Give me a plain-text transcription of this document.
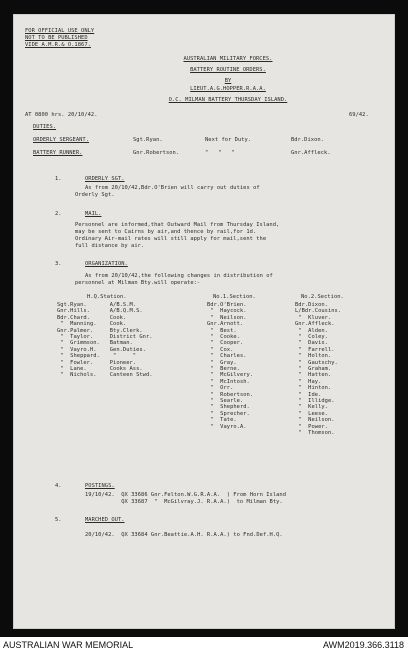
FOR OFFICIAL USE ONLY
NOT TO BE PUBLISHED
VIDE A.M.R.& O.1867.
AUSTRALIAN MILITARY FORCES.
BATTERY ROUTINE ORDERS.
BY
LIEUT.A.G.HOPPER.R.A.A.
O.C. MILMAN BATTERY THURSDAY ISLAND.
AT 0800 hrs. 20/10/42.	69/42.
DUTIES.
ORDERLY SERGEANT.	Sgt.Ryan.	Next for Duty.	Bdr.Dixon.
BATTERY RUNNER.	Gnr.Robertson.	"   "   "	Gnr.Affleck.
1.	ORDERLY SGT.
As from 20/10/42,Bdr.O'Brien will carry out duties of
Orderly Sgt.
2.	MAIL.
Personnel are informed,that Outward Mail from Thursday Island,
may be sent to Cairns by air,and thence by rail,for 1d.
Ordinary Air-mail rates will still apply for mail,sent the
full distance by air.
3.	ORGANIZATION.
As from 20/10/42,the following changes in distribution of
personnel at Milman Bty.will operate:-
H.Q.Station.
Sgt.Ryan.       A/B.S.M.
Gnr.Hills.      A/B.Q.M.S.
Bdr.Chard.      Cook.
"  Manning.    Cook.
Gnr.Palmer.     Bty.Clerk.
"  Taylor.     District Gnr.
"  Grimmson.   Batman.
"  Vayro.H.    Gen.Duties.
"  Sheppard.    "     "
"  Fowler.     Pioneer.
"  Lane.       Cooks Ass.
"  Nichols.    Canteen Stwd.
No.1.Section.
Bdr.O'Brien.
"  Haycock.
"  Neilson.
Gnr.Arnott.
"  Best.
"  Cooke.
"  Cooper.
"  Cox.
"  Charles.
"  Gray.
"  Berne.
"  McGilvery.
"  McIntosh.
"  Orr.
"  Robertson.
"  Searle.
"  Shepherd.
"  Sprecher.
"  Tate.
"  Vayro.A.
No.2.Section.
Bdr.Dixon.
L/Bdr.Cousins.
"  Kluver.
Gnr.Affleck.
"  Alden.
"  Coley.
"  Davis.
"  Farrell.
"  Holton.
"  Gautschy.
"  Graham.
"  Hatten.
"  Hay.
"  Hinton.
"  Ide.
"  Illidge.
"  Kelly.
"  Leese.
"  Neilson.
"  Power.
"  Thomson.
4.	POSTINGS.
19/10/42.  QX 33686 Gnr.Felton.W.G.R.A.A.  ) From Horn Island
QX 33687  "  McGilvray.J. R.A.A.)  to Milman Bty.
5.	MARCHED OUT.
20/10/42.  QX 33684 Gnr.Beattie.A.H. R.A.A.) to Fnd.Def.H.Q.
AUSTRALIAN WAR MEMORIAL	AWM2019.366.3118
